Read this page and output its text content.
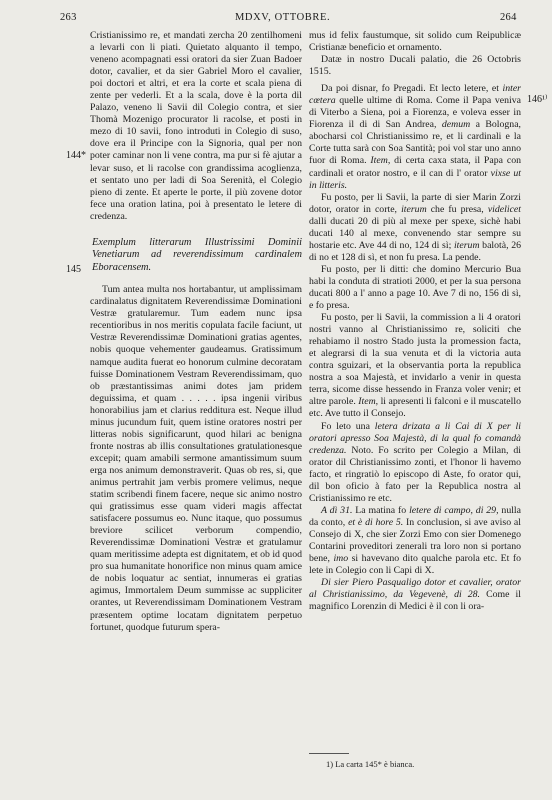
263	MDXV, OTTOBRE.	264
144*
145
146¹⁾

Cristianissimo re, et mandati zercha 20 zentilhomeni a levarli con li piati. Quietato alquanto il tempo, veneno acompagnati essi oratori da sier Zuan Badoer dotor, cavalier, et da sier Gabriel Moro el cavalier, poi doctori et altri, et era la corte et scala piena di zente per vederli. Et a la scala, dove è la porta dil Palazo, veneno li Savii dil Colegio contra, et sier Thomà Mozenigo procurator li racolse, et posti in mezo di 10 savii, fono introduti in Colegio di suso, dove era il Principe con la Signoria, qual per non poter caminar non li vene contra, ma pur si fè ajutar a levar suso, et li racolse con grandissima acoglienza, et sentato uno per ladi di Soa Serenità, el Colegio pieno di zente. Et aperte le porte, il più zovene dotor fece una oration latina, poi à presentato le letere di credenza.

Exemplum litterarum Illustrissimi Dominii Venetiarum ad reverendissimum cardinalem Eboracensem.

Tum antea multa nos hortabantur, ut amplissimam cardinalatus dignitatem Reverendissimæ Dominationi Vestræ gratularemur. Tum eadem nunc ipsa recentioribus in nos meritis copulata facile faciunt, ut Vestræ Reverendissimæ Dominationi gratias agentes, nobis quoque vehementer gaudeamus. Gratissimum namque audita fuerat eo honorum culmine decoratam fuisse Dominationem Vestram Reverendissimam, quo ob præstantissimas animi dotes jam pridem deguissima, et quam . . . . . ipsa ingenii viribus honorabilius jam et clarius redditura est. Neque illud minus jucundum fuit, quem istine oratores nostri per litteras nobis significarunt, quod hilari ac benigna fronte nostras ab illis consultationes gratulationesque excepit; quam amabili sermone amantissimum suum erga nos animum demonstraverit. Quas ob res, si, que animus pertrahit jam verbis promere velimus, neque statim scribendi finem facere, neque sic animo nostro qui gratissimus esse quam videri magis affectat satisfacere possumus eo. Nunc itaque, quo possumus breviore scilicet verborum compendio, Reverendissimæ Dominationi Vestræ et gratulamur quam meritissime adepta est dignitatem, et ob id quod pro sua humanitate honorifice non minus quam amice de nobis loquatur ac sentiat, innumeras ei gratias agimus, Immortalem Deum summisse ac suppliciter orantes, ut Reverendissimam Dominationem Vestram præsentem optime locatam dignitatem perpetuo fortunet, quodque futurum spera-

mus id felix faustumque, sit solido cum Reipublicæ Cristianæ beneficio et ornamento.

Datæ in nostro Ducali palatio, die 26 Octobris 1515.

Da poi disnar, fo Pregadi. Et lecto letere, et inter cœtera quelle ultime di Roma. Come il Papa veniva di Viterbo a Siena, poi a Fiorenza, e voleva esser in Fiorenza il di di San Andrea, demum a Bologna, abocharsi col Christianissimo re, et li cardinali e la Corte tutta sarà con Soa Santità; poi vol star uno anno fuor di Roma. Item, di certa caxa stata, il Papa con cardinali et orator nostro, e il can di l' orator vixse ut in litteris.

Fu posto, per li Savii, la parte di sier Marin Zorzi dotor, orator in corte, iterum che fu presa, videlicet dalli ducati 20 di più al mexe per spexe, sichè habi ducati 140 al mexe, convenendo star sempre su hostarie etc. Ave 44 di no, 124 di sì; iterum balotà, 26 di no et 128 di sì, et non fu presa. La pende.

Fu posto, per li ditti: che domino Mercurio Bua habi la conduta di stratioti 2000, et per la sua persona ducati 800 a l' anno a page 10. Ave 7 di no, 156 di sì, e fo presa.

Fu posto, per li Savii, la commission a li 4 oratori nostri vanno al Christianissimo re, soliciti che rehabiamo il nostro Stado justa la promession facta, et alegrarsi di la sua venuta et di la victoria auta contra sguizari, et la observantia porta la republica nostra a soa Majestà, et invidarlo a venir in questa terra, sicome disse hessendo in Franza voler venir; et altre parole. Item, li apresenti li falconi e il muscatello etc. Ave tutto il Consejo.

Fo leto una letera drizata a li Cai di X per li oratori apresso Soa Majestà, di la qual fo comandà credenza. Noto. Fo scrito per Colegio a Milan, di orator dil Christianissimo zonti, et l'honor li havemo facto, et ringratiò lo episcopo di Aste, fo orator qui, dil bon oficio à fato per la Republica nostra al Cristianissimo re etc.

A dì 31. La matina fo letere di campo, di 29, nulla da conto, et è di hore 5. In conclusion, si ave aviso al Consejo di X, che sier Zorzi Emo con sier Domenego Contarini proveditori zenerali tra loro non si portano bene, imo si havevano dito qualche parola etc. Et fo lete in Colegio con li Capi di X.

Di sier Piero Pasqualigo dotor et cavalier, orator al Christianissimo, da Vegevenè, di 28. Come il magnifico Lorenzin di Medici è il con li ora-

1) La carta 145* è bianca.
